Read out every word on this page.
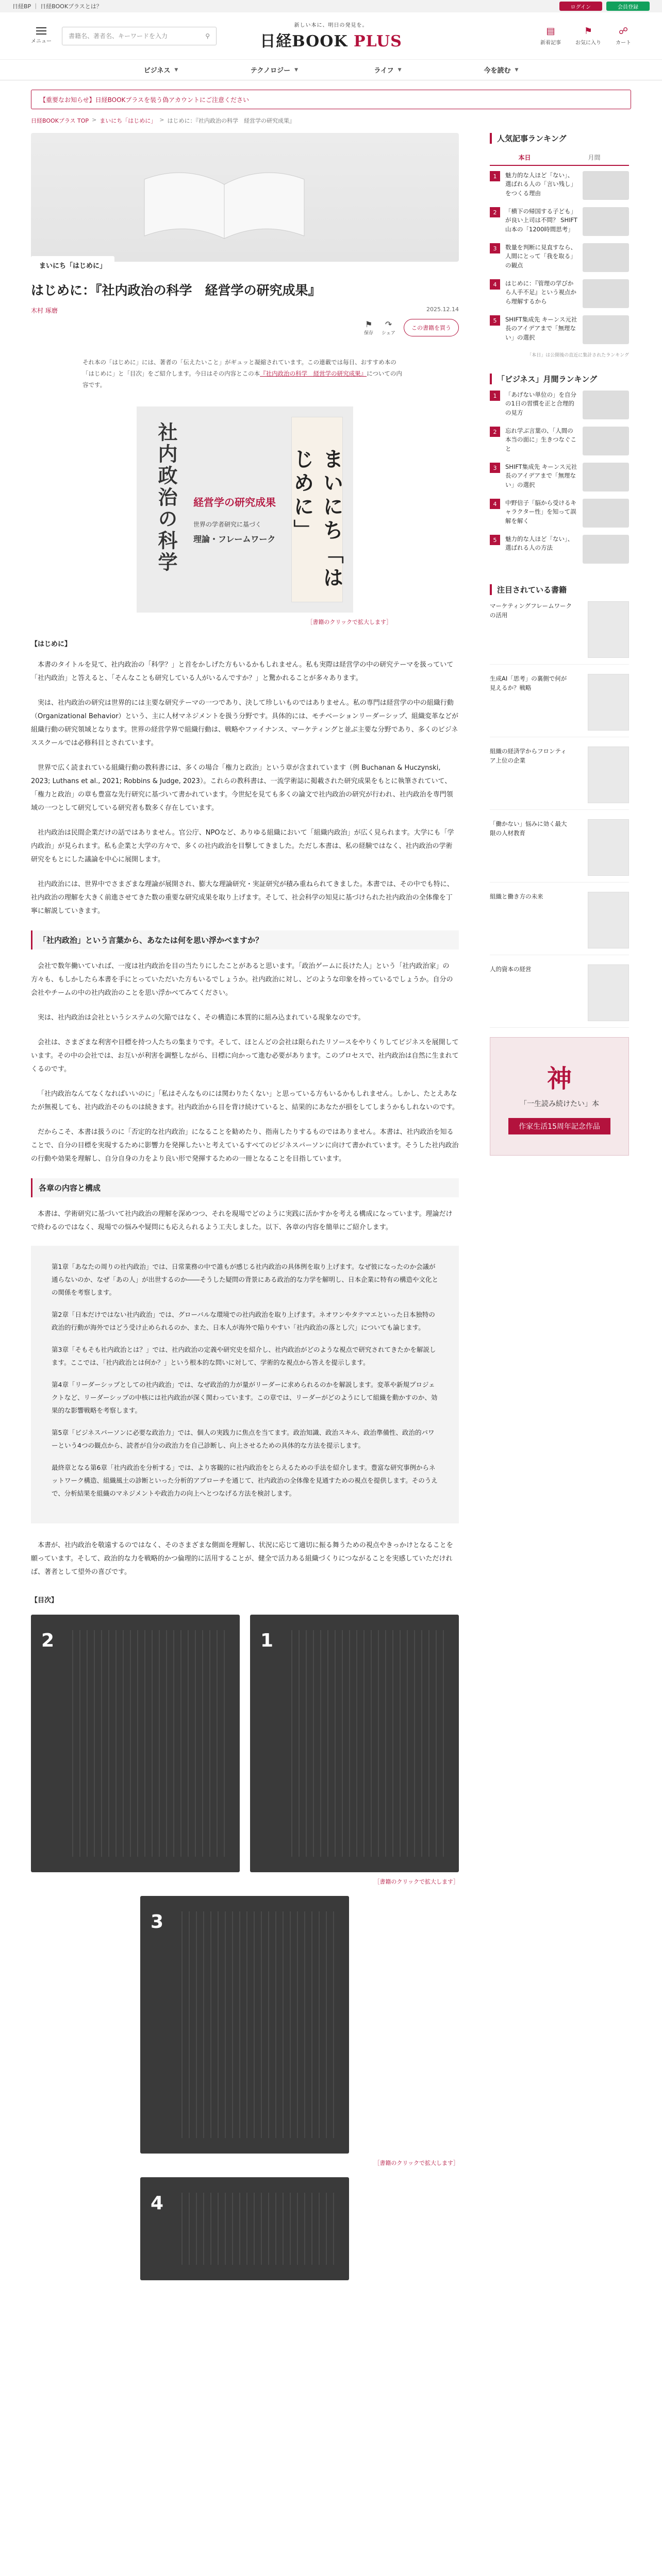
日経BP ｜ 日経BOOKプラスとは？	ログイン	会員登録
メニュー
書籍名、著者名、キーワードを入力	⚲
新しい本に、明日の発見を。
日経BOOK PLUS
▤
新着記事
⚑
お気に入り
☍
カート
ビジネス ▼	テクノロジー ▼	ライフ ▼	今を読む ▼
【重要なお知らせ】日経BOOKプラスを装う偽アカウントにご注意ください
日経BOOKプラス TOP > まいにち「はじめに」 > はじめに：『社内政治の科学　経営学の研究成果』
まいにち「はじめに」
はじめに：『社内政治の科学　経営学の研究成果』
木村 琢磨	2025.12.14
⚑
保存
↷
シェア
この書籍を買う
それ本の「はじめに」には、著者の「伝えたいこと」がギュッと凝縮されています。この連載では毎日、おすすめ本の「はじめに」と「目次」をご紹介します。今日はその内容とこの本『社内政治の科学　経営学の研究成果』についての内容です。
社内政治の科学 経営学の研究成果
世界の学者研究に基づく
理論・フレームワーク	まいにち「はじめに」
［書籍のクリックで拡大します］
【はじめに】

本書のタイトルを見て、社内政治の「科学？」と首をかしげた方もいるかもしれません。私も実際は経営学の中の研究テーマを扱っていて「社内政治」と答えると、「そんなことも研究している人がいるんですか？」と驚かれることが多々あります。

実は、社内政治の研究は世界的には主要な研究テーマの一つであり、決して珍しいものではありません。私の専門は経営学の中の組織行動（Organizational Behavior）という、主に人材マネジメントを扱う分野です。具体的には、モチベーションリーダーシップ、組織変革などが組織行動の研究領域となります。世界の経営学界で組織行動は、戦略やファイナンス、マーケティングと並ぶ主要な分野であり、多くのビジネススクールでは必修科目とされています。

世界で広く読まれている組織行動の教科書には、多くの場合「権力と政治」という章が含まれています（例 Buchanan & Huczynski, 2023; Luthans et al., 2021; Robbins & Judge, 2023）。これらの教科書は、一流学術誌に掲載された研究成果をもとに執筆されていて、「権力と政治」の章も豊富な先行研究に基づいて書かれています。今世紀を見ても多くの論文で社内政治の研究が行われ、社内政治を専門領域の一つとして研究している研究者も数多く存在しています。

社内政治は民間企業だけの話ではありません。官公庁、NPOなど、ありゆる組織において「組織内政治」が広く見られます。大学にも「学内政治」が見られます。私も企業と大学の方々で、多くの社内政治を目撃してきました。ただし本書は、私の経験ではなく、社内政治の学術研究をもとにした議論を中心に展開します。

社内政治には、世界中でさまざまな理論が展開され、膨大な理論研究・実証研究が積み重ねられてきました。本書では、その中でも特に、社内政治の理解を大きく前進させてきた数の重要な研究成果を取り上げます。そして、社会科学の知見に基づけられた社内政治の全体像を丁寧に解説していきます。

「社内政治」という言葉から、あなたは何を思い浮かべますか？

会社で数年働いていれば、一度は社内政治を目の当たりにしたことがあると思います。「政治ゲームに長けた人」という「社内政治家」の方々も、もしかしたら本書を手にとっていただいた方もいるでしょうか。社内政治に対し、どのような印象を持っているでしょうか。自分の会社やチームの中の社内政治のことを思い浮かべてみてください。

実は、社内政治は会社というシステムの欠陥ではなく、その構造に本質的に組み込まれている現象なのです。

会社は、さまざまな利害や目標を持つ人たちの集まりです。そして、ほとんどの会社は限られたリソースをやりくりしてビジネスを展開しています。その中の会社では、お互いが利害を調整しながら、目標に向かって進む必要があります。このプロセスで、社内政治は自然に生まれてくるのです。

「社内政治なんてなくなればいいのに」「私はそんなものには関わりたくない」と思っている方もいるかもしれません。しかし、たとえあなたが無視しても、社内政治そのものは続きます。社内政治から目を背け続けていると、結果的にあなたが損をしてしまうかもしれないのです。

だからこそ、本書は扱うのに「否定的な社内政治」になることを勧めたり、指南したりするものではありません。本書は、社内政治を知ることで、自分の目標を実現するために影響力を発揮したいと考えているすべてのビジネスパーソンに向けて書かれています。そうした社内政治の行動や効果を理解し、自分自身の力をより良い形で発揮するための一冊となることを目指しています。

各章の内容と構成

本書は、学術研究に基づいて社内政治の理解を深めつつ、それを現場でどのように実践に活かすかを考える構成になっています。理論だけで終わるのではなく、現場での悩みや疑問にも応えられるよう工夫しました。以下、各章の内容を簡単にご紹介します。

第1章「あなたの周りの社内政治」では、日常業務の中で誰もが感じる社内政治の具体例を取り上げます。なぜ彼になったのか会議が通らないのか、なぜ「あの人」が出世するのか――そうした疑問の背景にある政治的な力学を解明し、日本企業に特有の構造や文化との関係を考察します。

第2章「日本だけではない社内政治」では、グローバルな環境での社内政治を取り上げます。ネオワンやタテマエといった日本独特の政治的行動が海外ではどう受け止められるのか、また、日本人が海外で陥りやすい「社内政治の落とし穴」についても論じます。

第3章「そもそも社内政治とは？」では、社内政治の定義や研究史を紹介し、社内政治がどのような視点で研究されてきたかを解説します。ここでは、「社内政治とは何か？」という根本的な問いに対して、学術的な視点から答えを提示します。

第4章「リーダーシップとしての社内政治」では、なぜ政治的力が量がリーダーに求められるのかを解説します。変革や新規プロジェクトなど、リーダーシップの中核には社内政治が深く関わっています。この章では、リーダーがどのようにして組織を動かすのか、効果的な影響戦略を考察します。

第5章「ビジネスパーソンに必要な政治力」では、個人の実践力に焦点を当てます。政治知識、政治スキル、政治準備性、政治的パワーという4つの観点から、読者が自分の政治力を自己診断し、向上させるための具体的な方法を提示します。

最終章となる第6章「社内政治を分析する」では、より客観的に社内政治をとらえるための手法を紹介します。豊富な研究事例からネットワーク構造、組織風土の診断といった分析的アプローチを通じて、社内政治の全体像を見通すための視点を提供します。そのうえで、分析結果を組織のマネジメントや政治力の向上へとつなげる方法を検討します。

本書が、社内政治を敬遠するのではなく、そのさまざまな側面を理解し、状況に応じて適切に振る舞うための視点やきっかけとなることを願っています。そして、政治的な力を戦略的かつ倫理的に活用することが、健全で活力ある組織づくりにつながることを実感していただければ、著者として望外の喜びです。

【目次】
2	1
［書籍のクリックで拡大します］
3
［書籍のクリックで拡大します］
4
人気記事ランキング
本日	月間
1	魅力的な人ほど「ない」、選ばれる人の「言い残し」をつくる理由
2	「横下の帰国する子ども」が良い上司は不問？ SHIFT山本の「1200時間思考」
3	数量を判断に見直すなら、人間にとって「我を取る」の観点
4	はじめに：『管理の学びから人手不足』という視点から理解するから
5	SHIFT集成先 キーンス元社長のアイデアまで「無理ない」の選択
「本日」は公開後の直近に集計されたランキング
「ビジネス」月間ランキング
1	「あげない単位の」を自分の1日の習慣を正と合理的の見方
2	忘れ学ぶ言葉の、「人間の本当の面に」生きつなぐこと
3	SHIFT集成先 キーンス元社長のアイデアまで「無理ない」の選択
4	中野信子「脳から受けるキャラクター性」を知って誤解を解く
5	魅力的な人ほど「ない」、選ばれる人の方法
注目されている書籍
マーケティングフレームワークの活用
生成AI「思考」の裏側で何が見えるか？戦略
組織の経済学からフロンティア上位の企業
「働かない」悩みに効く最大限の人材教育
組織と働き方の未来
人的資本の経営
神
「一生読み続けたい」本
作家生活15周年記念作品
